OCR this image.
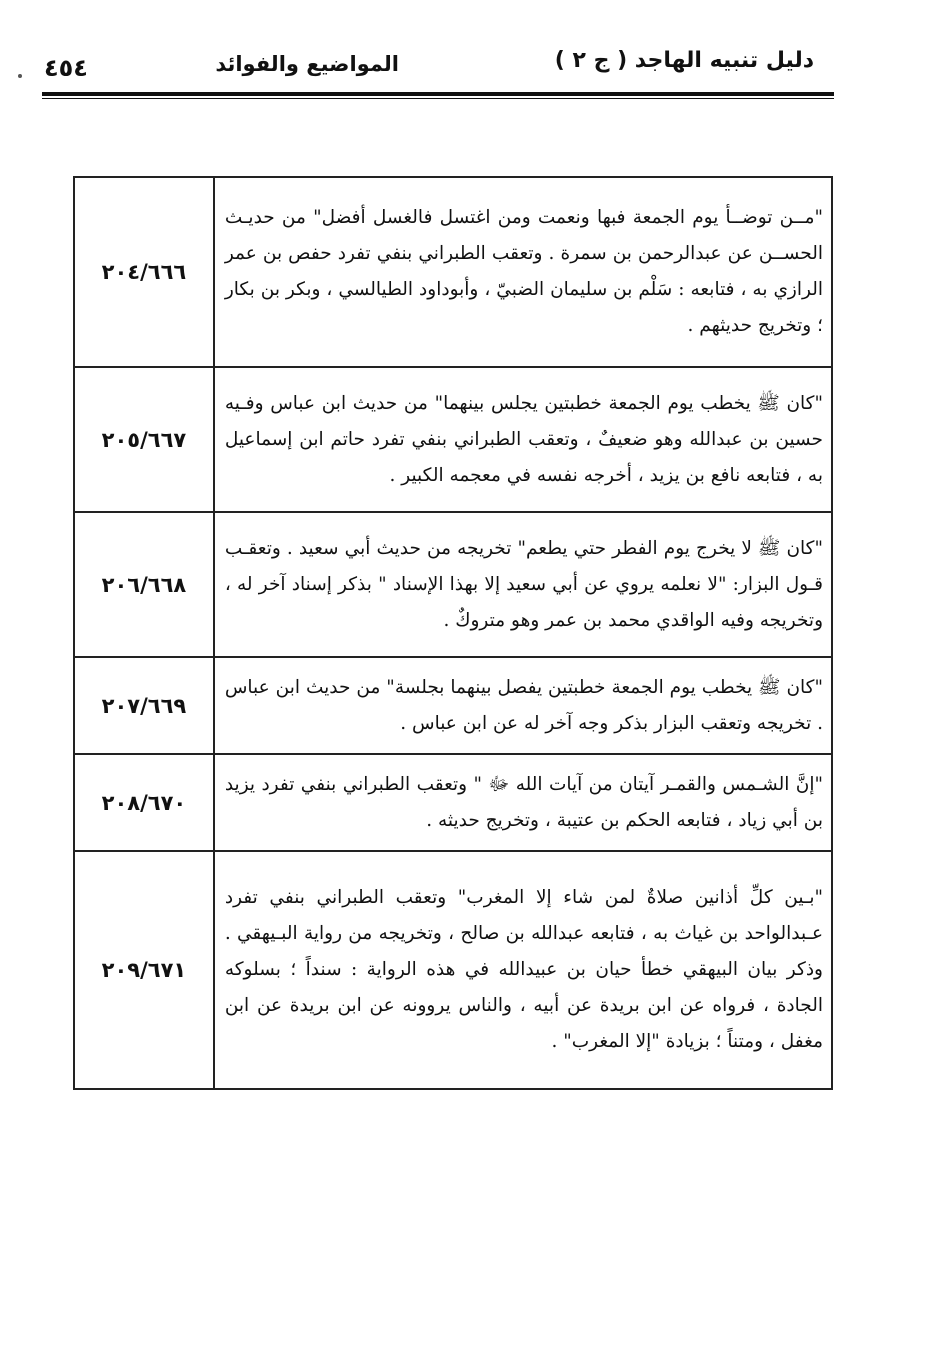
دليل تنبيه الهاجد ( ج ٢ )
المواضيع والفوائد
٤٥٤
"مــن توضــأ يوم الجمعة فبها ونعمت ومن اغتسل فالغسل أفضل" من حديـث الحســن عن عبدالرحمن بن سمرة . وتعقب الطبراني بنفي تفرد حفص بن عمر الرازي به ، فتابعه : سَلْم بن سليمان الضبيّ ، وأبوداود الطيالسي ، وبكر بن بكار ؛ وتخريج حديثهم .	٢٠٤/٦٦٦
"كان ﷺ يخطب يوم الجمعة خطبتين يجلس بينهما" من حديث ابن عباس وفـيه حسين بن عبدالله وهو ضعيفٌ ، وتعقب الطبراني بنفي تفرد حاتم ابن إسماعيل به ، فتابعه نافع بن يزيد ، أخرجه نفسه في معجمه الكبير .	٢٠٥/٦٦٧
"كان ﷺ لا يخرج يوم الفطر حتي يطعم" تخريجه من حديث أبي سعيد . وتعقـب قـول البزار: "لا نعلمه يروي عن أبي سعيد إلا بهذا الإسناد " بذكر إسناد آخر له ، وتخريجه وفيه الواقدي محمد بن عمر وهو متروكٌ .	٢٠٦/٦٦٨
"كان ﷺ يخطب يوم الجمعة خطبتين يفصل بينهما بجلسة" من حديث ابن عباس . تخريجه وتعقب البزار بذكر وجه آخر له عن ابن عباس .	٢٠٧/٦٦٩
"إنَّ الشـمس والقمـر آيتان من آيات الله ﷻ " وتعقب الطبراني بنفي تفرد يزيد بن أبي زياد ، فتابعه الحكم بن عتيبة ، وتخريج حديثه .	٢٠٨/٦٧٠
"بـين كلِّ أذانين صلاةٌ لمن شاء إلا المغرب" وتعقب الطبراني بنفي تفرد عـبدالواحد بن غياث به ، فتابعه عبدالله بن صالح ، وتخريجه من رواية البـيهقي . وذكر بيان البيهقي خطأ حيان بن عبيدالله في هذه الرواية : سنداً ؛ بسلوكه الجادة ، فرواه عن ابن بريدة عن أبيه ، والناس يروونه عن ابن بريدة عن ابن مغفل ، ومتناً ؛ بزيادة "إلا المغرب" .	٢٠٩/٦٧١
